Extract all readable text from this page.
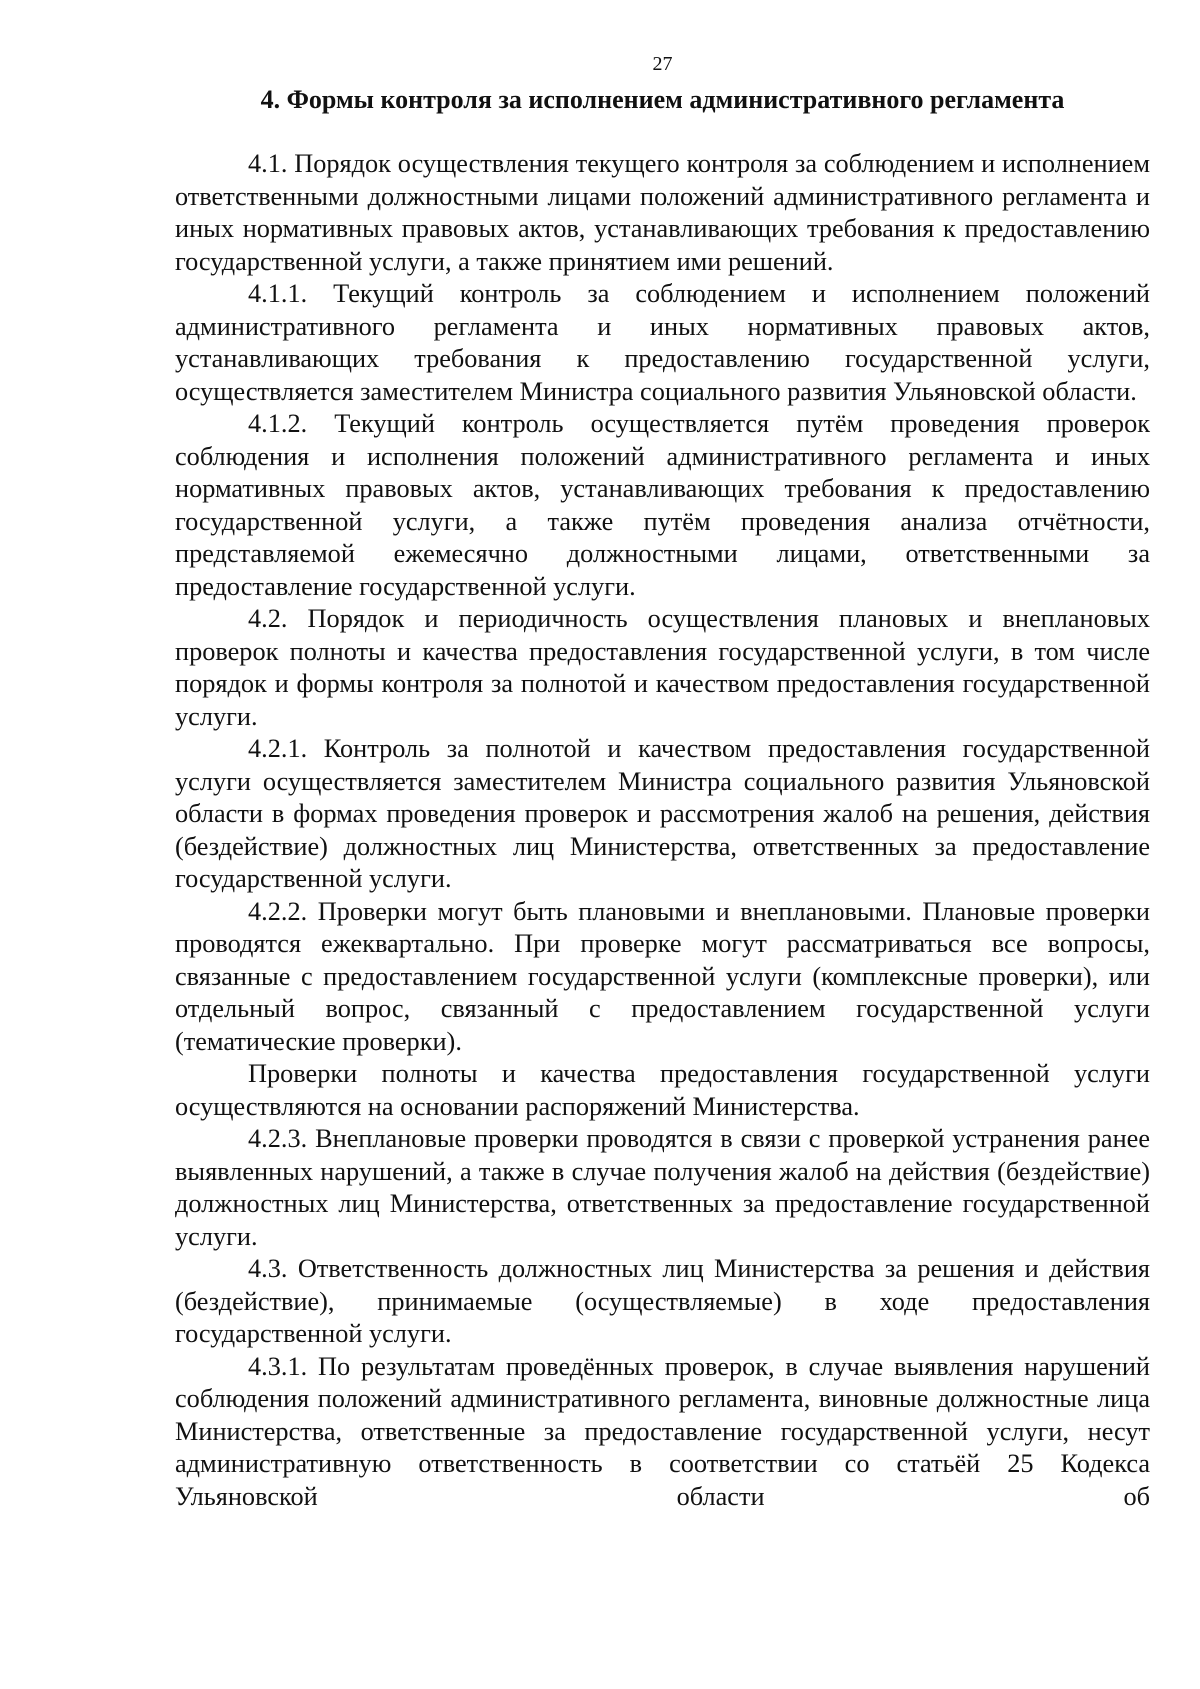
27
4. Формы контроля за исполнением административного регламента

4.1. Порядок осуществления текущего контроля за соблюдением и исполнением ответственными должностными лицами положений административного регламента и иных нормативных правовых актов, устанавливающих требования к предоставлению государственной услуги, а также принятием ими решений.

4.1.1. Текущий контроль за соблюдением и исполнением положений административного регламента и иных нормативных правовых актов, устанавливающих требования к предоставлению государственной услуги, осуществляется заместителем Министра социального развития Ульяновской области.

4.1.2. Текущий контроль осуществляется путём проведения проверок соблюдения и исполнения положений административного регламента и иных нормативных правовых актов, устанавливающих требования к предоставлению государственной услуги, а также путём проведения анализа отчётности, представляемой ежемесячно должностными лицами, ответственными за предоставление государственной услуги.

4.2. Порядок и периодичность осуществления плановых и внеплановых проверок полноты и качества предоставления государственной услуги, в том числе порядок и формы контроля за полнотой и качеством предоставления государственной услуги.

4.2.1. Контроль за полнотой и качеством предоставления государственной услуги осуществляется заместителем Министра социального развития Ульяновской области в формах проведения проверок и рассмотрения жалоб на решения, действия (бездействие) должностных лиц Министерства, ответственных за предоставление государственной услуги.

4.2.2. Проверки могут быть плановыми и внеплановыми. Плановые проверки проводятся ежеквартально. При проверке могут рассматриваться все вопросы, связанные с предоставлением государственной услуги (комплексные проверки), или отдельный вопрос, связанный с предоставлением государственной услуги (тематические проверки).

Проверки полноты и качества предоставления государственной услуги осуществляются на основании распоряжений Министерства.

4.2.3. Внеплановые проверки проводятся в связи с проверкой устранения ранее выявленных нарушений, а также в случае получения жалоб на действия (бездействие) должностных лиц Министерства, ответственных за предоставление государственной услуги.

4.3. Ответственность должностных лиц Министерства за решения и действия (бездействие), принимаемые (осуществляемые) в ходе предоставления государственной услуги.

4.3.1. По результатам проведённых проверок, в случае выявления нарушений соблюдения положений административного регламента, виновные должностные лица Министерства, ответственные за предоставление государственной услуги, несут административную ответственность в соответствии со статьёй 25 Кодекса Ульяновской области об
